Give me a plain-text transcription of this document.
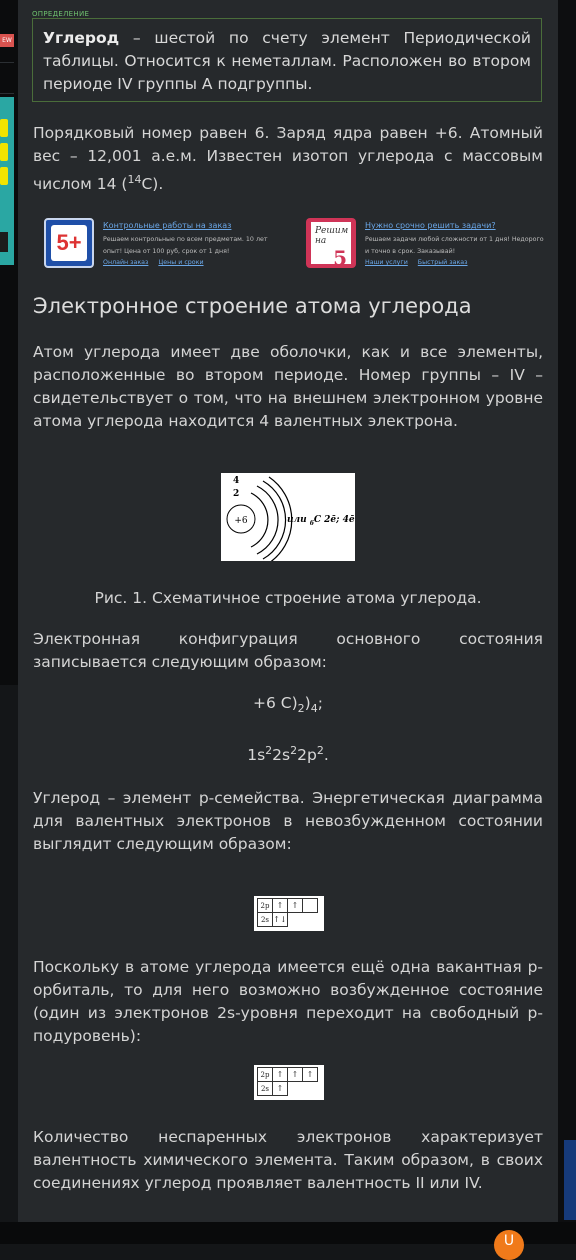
EW
ОПРЕДЕЛЕНИЕ
Углерод – шестой по счету элемент Периодической таблицы. Относится к неметаллам. Расположен во втором периоде IV группы А подгруппы.

Порядковый номер равен 6. Заряд ядра равен +6. Атомный вес – 12,001 а.е.м. Известен изотоп углерода с массовым числом 14 ($^{14}$C).

5+
Контрольные работы на заказ
Решаем контрольные по всем предметам. 10 лет опыт! Цена от 100 руб, срок от 1 дня!
Онлайн заказ Цены и сроки
Решим на
5
Нужно срочно решить задачи?
Решаем задачи любой сложности от 1 дня! Недорого и точно в срок. Заказывай!
Наши услуги Быстрый заказ
Электронное строение атома углерода

Атом углерода имеет две оболочки, как и все элементы, расположенные во втором периоде. Номер группы – IV – свидетельствует о том, что на внешнем электронном уровне атома углерода находится 4 валентных электрона.

+6
4
2
или $_6$C 2ē; 4ē

Рис. 1. Схематичное строение атома углерода.

Электронная конфигурация основного состояния записывается следующим образом:

+6 $C)_2)_4$;
$1s^22s^22p^2$.

Углерод – элемент p-семейства. Энергетическая диаграмма для валентных электронов в невозбужденном состоянии выглядит следующим образом:

2p	↑	↑	
2s	↑↓		

Поскольку в атоме углерода имеется ещё одна вакантная p-орбиталь, то для него возможно возбужденное состояние (один из электронов 2s-уровня переходит на свободный p-подуровень):

2p	↑	↑	↑
2s	↑		

Количество неспаренных электронов характеризует валентность химического элемента. Таким образом, в своих соединениях углерод проявляет валентность II или IV.

U
